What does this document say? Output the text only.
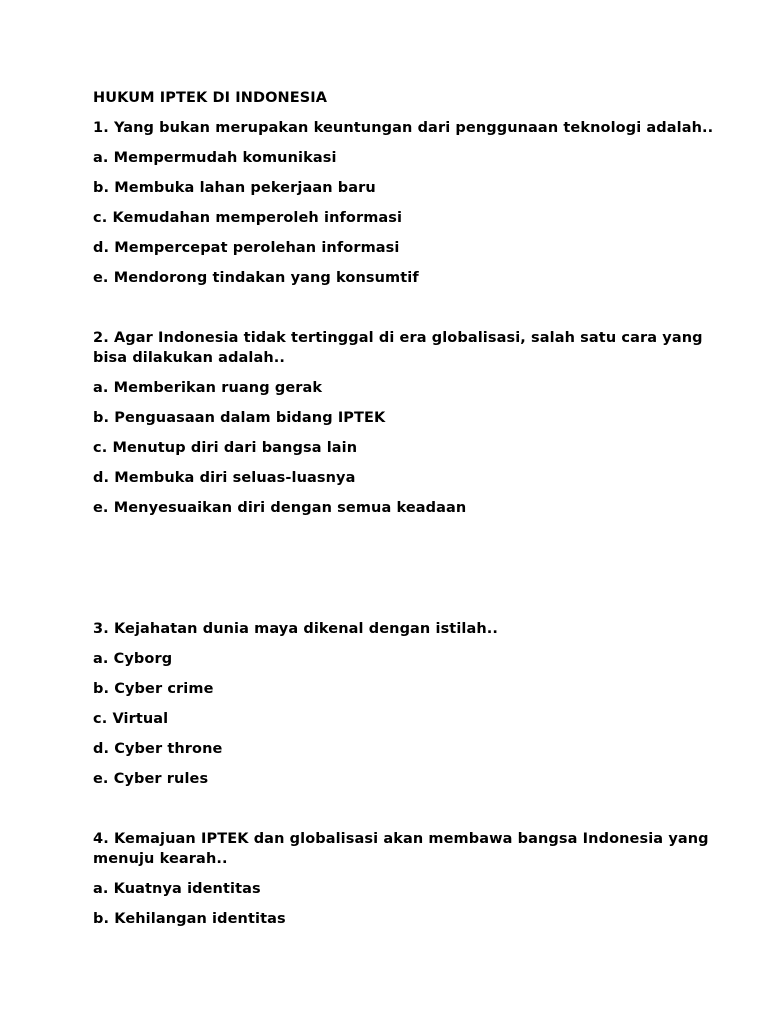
HUKUM IPTEK DI INDONESIA
1. Yang bukan merupakan keuntungan dari penggunaan teknologi adalah..
a. Mempermudah komunikasi
b. Membuka lahan pekerjaan baru
c. Kemudahan memperoleh informasi
d. Mempercepat perolehan informasi
e. Mendorong tindakan yang konsumtif
2. Agar Indonesia tidak tertinggal di era globalisasi, salah satu cara yang
bisa dilakukan adalah..
a. Memberikan ruang gerak
b. Penguasaan dalam bidang IPTEK
c. Menutup diri dari bangsa lain
d. Membuka diri seluas-luasnya
e. Menyesuaikan diri dengan semua keadaan
3. Kejahatan dunia maya dikenal dengan istilah..
a. Cyborg
b. Cyber crime
c. Virtual
d. Cyber throne
e. Cyber rules
4. Kemajuan IPTEK dan globalisasi akan membawa bangsa Indonesia yang
menuju kearah..
a. Kuatnya identitas
b. Kehilangan identitas
